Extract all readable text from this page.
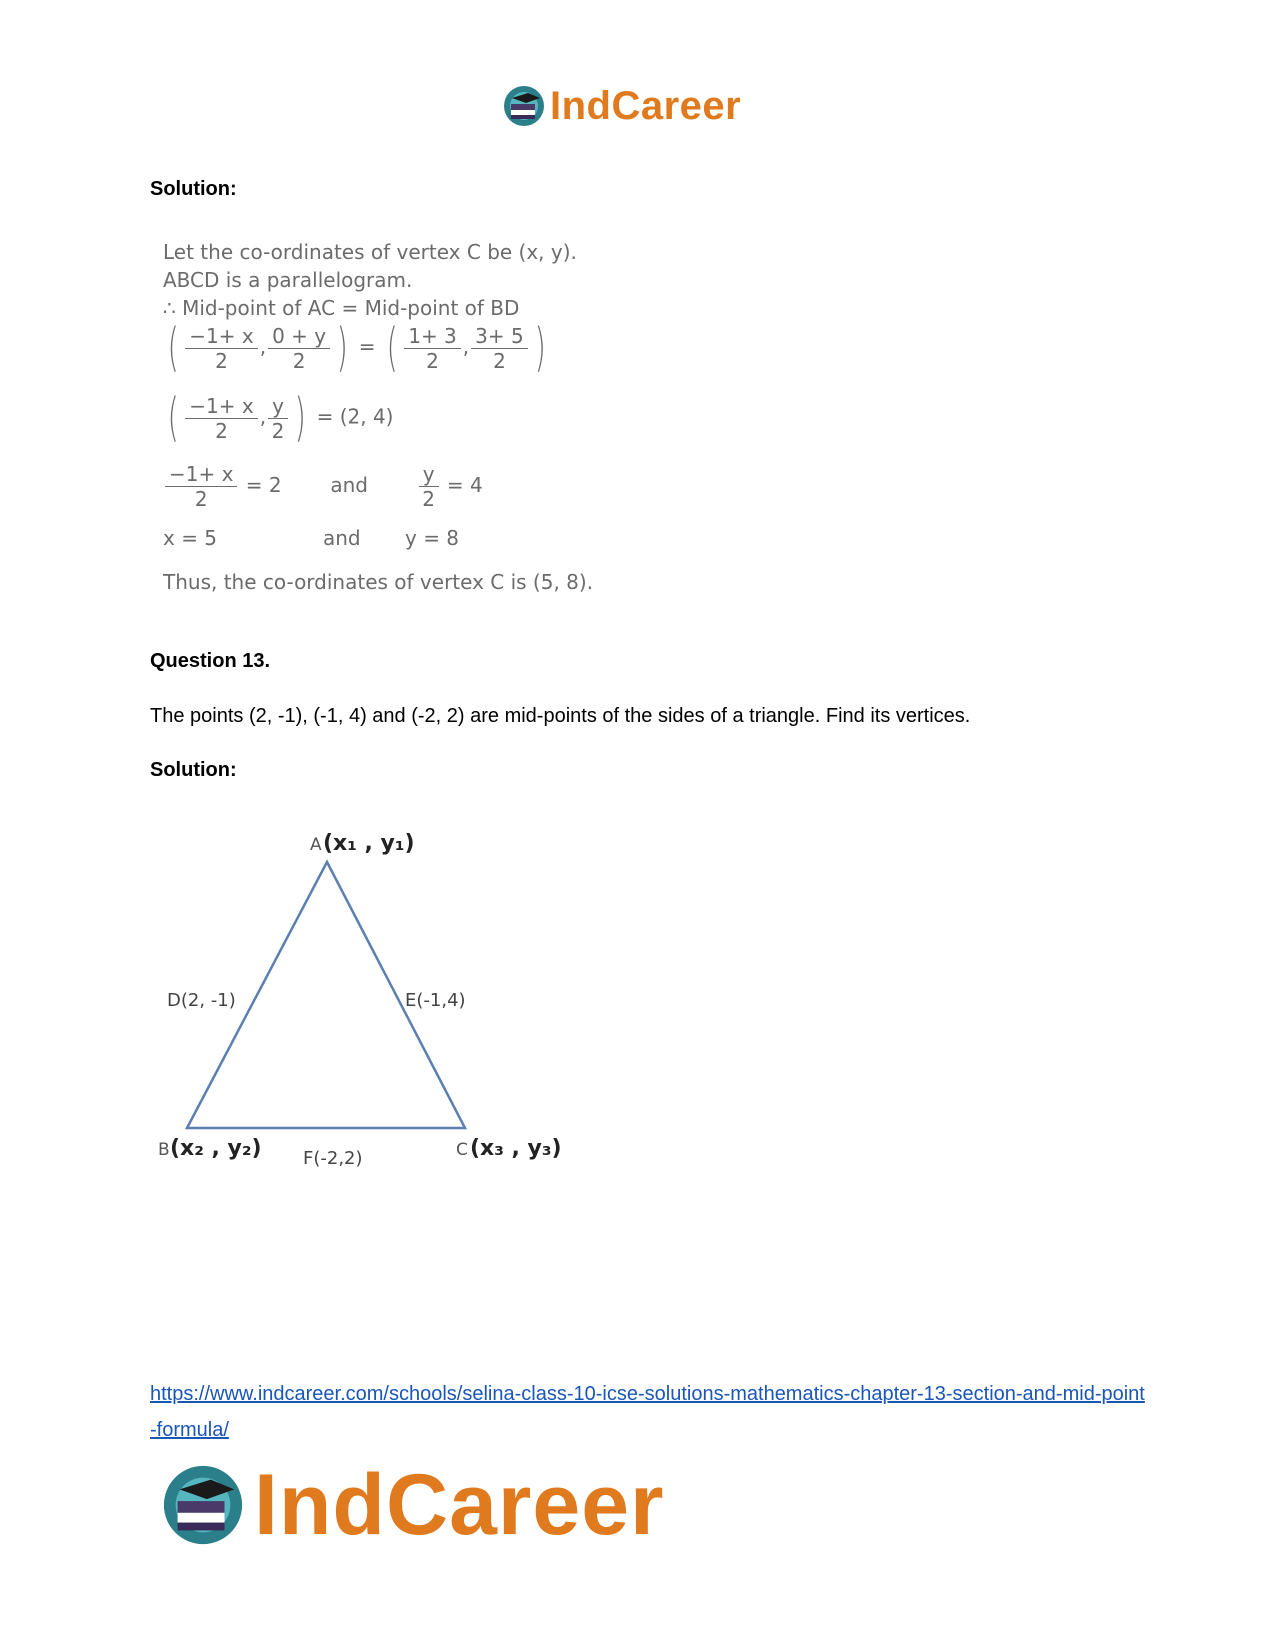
IndCareer
Solution:
Let the co-ordinates of vertex C be (x, y).
ABCD is a parallelogram.
∴ Mid-point of AC = Mid-point of BD
( $\frac{-1+ x}{2}$ , $\frac{0 + y}{2}$ ) = ( $\frac{1+ 3}{2}$ , $\frac{3+ 5}{2}$ )
( $\frac{-1+ x}{2}$ , $\frac{y}{2}$ ) = (2, 4)
$\frac{-1+ x}{2} = 2$ and	$\frac{y}{2} = 4$
x = 5	and y = 8
Thus, the co-ordinates of vertex C is (5, 8).
Question 13.
The points (2, -1), (-1, 4) and (-2, 2) are mid-points of the sides of a triangle. Find its vertices.
Solution:
A (x₁ , y₁)
B (x₂ , y₂)	C (x₃ , y₃)
D(2, -1)	E(-1,4)
F(-2,2)
https://www.indcareer.com/schools/selina-class-10-icse-solutions-mathematics-chapter-13-section-and-mid-point-formula/
IndCareer
